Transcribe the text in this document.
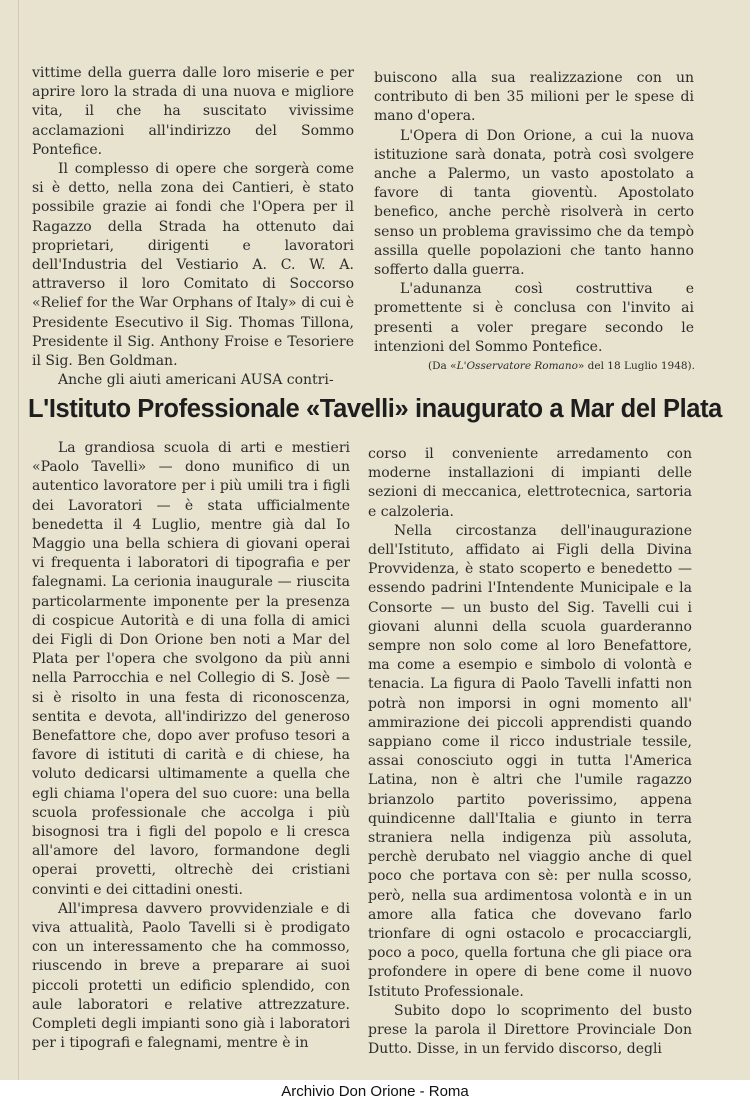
vittime della guerra dalle loro miserie e per aprire loro la strada di una nuova e migliore vita, il che ha suscitato vivissime acclamazioni all'indirizzo del Sommo Pontefice.

Il complesso di opere che sorgerà come si è detto, nella zona dei Cantieri, è stato possibile grazie ai fondi che l'Opera per il Ragazzo della Strada ha ottenuto dai proprietari, dirigenti e lavoratori dell'Industria del Vestiario A. C. W. A. attraverso il loro Comitato di Soccorso «Relief for the War Orphans of Italy» di cui è Presidente Esecutivo il Sig. Thomas Tillona, Presidente il Sig. Anthony Froise e Tesoriere il Sig. Ben Goldman.

Anche gli aiuti americani AUSA contri-

buiscono alla sua realizzazione con un contributo di ben 35 milioni per le spese di mano d'opera.

L'Opera di Don Orione, a cui la nuova istituzione sarà donata, potrà così svolgere anche a Palermo, un vasto apostolato a favore di tanta gioventù. Apostolato benefico, anche perchè risolverà in certo senso un problema gravissimo che da tempò assilla quelle popolazioni che tanto hanno sofferto dalla guerra.

L'adunanza così costruttiva e promettente si è conclusa con l'invito ai presenti a voler pregare secondo le intenzioni del Sommo Pontefice.

(Da «L'Osservatore Romano» del 18 Luglio 1948).
L'Istituto Professionale «Tavelli» inaugurato a Mar del Plata

La grandiosa scuola di arti e mestieri «Paolo Tavelli» — dono munifico di un autentico lavoratore per i più umili tra i figli dei Lavoratori — è stata ufficialmente benedetta il 4 Luglio, mentre già dal Io Maggio una bella schiera di giovani operai vi frequenta i laboratori di tipografia e per falegnami. La cerionia inaugurale — riuscita particolarmente imponente per la presenza di cospicue Autorità e di una folla di amici dei Figli di Don Orione ben noti a Mar del Plata per l'opera che svolgono da più anni nella Parrocchia e nel Collegio di S. Josè — si è risolto in una festa di riconoscenza, sentita e devota, all'indirizzo del generoso Benefattore che, dopo aver profuso tesori a favore di istituti di carità e di chiese, ha voluto dedicarsi ultimamente a quella che egli chiama l'opera del suo cuore: una bella scuola professionale che accolga i più bisognosi tra i figli del popolo e li cresca all'amore del lavoro, formandone degli operai provetti, oltrechè dei cristiani convinti e dei cittadini onesti.

All'impresa davvero provvidenziale e di viva attualità, Paolo Tavelli si è prodigato con un interessamento che ha commosso, riuscendo in breve a preparare ai suoi piccoli protetti un edificio splendido, con aule laboratori e relative attrezzature. Completi degli impianti sono già i laboratori per i tipografi e falegnami, mentre è in

corso il conveniente arredamento con moderne installazioni di impianti delle sezioni di meccanica, elettrotecnica, sartoria e calzoleria.

Nella circostanza dell'inaugurazione dell'Istituto, affidato ai Figli della Divina Provvidenza, è stato scoperto e benedetto — essendo padrini l'Intendente Municipale e la Consorte — un busto del Sig. Tavelli cui i giovani alunni della scuola guarderanno sempre non solo come al loro Benefattore, ma come a esempio e simbolo di volontà e tenacia. La figura di Paolo Tavelli infatti non potrà non imporsi in ogni momento all' ammirazione dei piccoli apprendisti quando sappiano come il ricco industriale tessile, assai conosciuto oggi in tutta l'America Latina, non è altri che l'umile ragazzo brianzolo partito poverissimo, appena quindicenne dall'Italia e giunto in terra straniera nella indigenza più assoluta, perchè derubato nel viaggio anche di quel poco che portava con sè: per nulla scosso, però, nella sua ardimentosa volontà e in un amore alla fatica che dovevano farlo trionfare di ogni ostacolo e procacciargli, poco a poco, quella fortuna che gli piace ora profondere in opere di bene come il nuovo Istituto Professionale.

Subito dopo lo scoprimento del busto prese la parola il Direttore Provinciale Don Dutto. Disse, in un fervido discorso, degli

Archivio Don Orione - Roma
